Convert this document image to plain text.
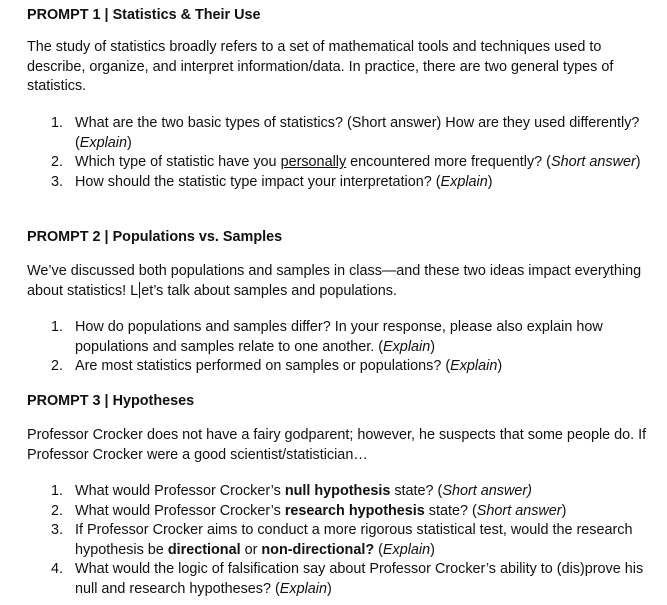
PROMPT 1 | Statistics & Their Use
The study of statistics broadly refers to a set of mathematical tools and techniques used to describe, organize, and interpret information/data. In practice, there are two general types of statistics.
1. What are the two basic types of statistics? (Short answer) How are they used differently? (Explain)
2. Which type of statistic have you personally encountered more frequently? (Short answer)
3. How should the statistic type impact your interpretation? (Explain)
PROMPT 2 | Populations vs. Samples
We’ve discussed both populations and samples in class—and these two ideas impact everything about statistics! L et’s talk about samples and populations.
1. How do populations and samples differ? In your response, please also explain how populations and samples relate to one another. (Explain)
2. Are most statistics performed on samples or populations? (Explain)
PROMPT 3 | Hypotheses
Professor Crocker does not have a fairy godparent; however, he suspects that some people do. If Professor Crocker were a good scientist/statistician…
1. What would Professor Crocker’s null hypothesis state? (Short answer)
2. What would Professor Crocker’s research hypothesis state? (Short answer)
3. If Professor Crocker aims to conduct a more rigorous statistical test, would the research hypothesis be directional or non-directional? (Explain)
4. What would the logic of falsification say about Professor Crocker’s ability to (dis)prove his null and research hypotheses? (Explain)
